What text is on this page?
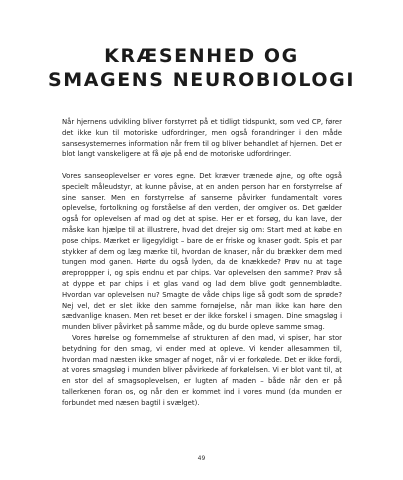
KRÆSENHED OG
SMAGENS NEUROBIOLOGI

Når hjernens udvikling bliver forstyrret på et tidligt tidspunkt, som ved CP, fører det ikke kun til motoriske udfordringer, men også forandringer i den måde sansesystemernes information når frem til og bliver behandlet af hjernen. Det er blot langt vanskeligere at få øje på end de motoriske udfordringer.

Vores sanseoplevelser er vores egne. Det kræver trænede øjne, og ofte også specielt måleudstyr, at kunne påvise, at en anden person har en forstyrrelse af sine sanser. Men en forstyrrelse af sanserne påvirker fundamentalt vores oplevelse, fortolkning og forståelse af den verden, der omgiver os. Det gælder også for oplevelsen af mad og det at spise. Her er et forsøg, du kan lave, der måske kan hjælpe til at illustrere, hvad det drejer sig om: Start med at købe en pose chips. Mærket er ligegyldigt – bare de er friske og knaser godt. Spis et par stykker af dem og læg mærke til, hvordan de knaser, når du brækker dem med tungen mod ganen. Hørte du også lyden, da de knækkede? Prøv nu at tage øreproppper i, og spis endnu et par chips. Var oplevelsen den samme? Prøv så at dyppe et par chips i et glas vand og lad dem blive godt gennemblødte. Hvordan var oplevelsen nu? Smagte de våde chips lige så godt som de sprøde? Nej vel, det er slet ikke den samme fornøjelse, når man ikke kan høre den sædvanlige knasen. Men ret beset er der ikke forskel i smagen. Dine smagsløg i munden bliver påvirket på samme måde, og du burde opleve samme smag.

Vores hørelse og fornemmelse af strukturen af den mad, vi spiser, har stor betydning for den smag, vi ender med at opleve. Vi kender allesammen til, hvordan mad næsten ikke smager af noget, når vi er forkølede. Det er ikke fordi, at vores smagsløg i munden bliver påvirkede af forkølelsen. Vi er blot vant til, at en stor del af smagsoplevelsen, er lugten af maden – både når den er på tallerkenen foran os, og når den er kommet ind i vores mund (da munden er forbundet med næsen bagtil i svælget).

49
